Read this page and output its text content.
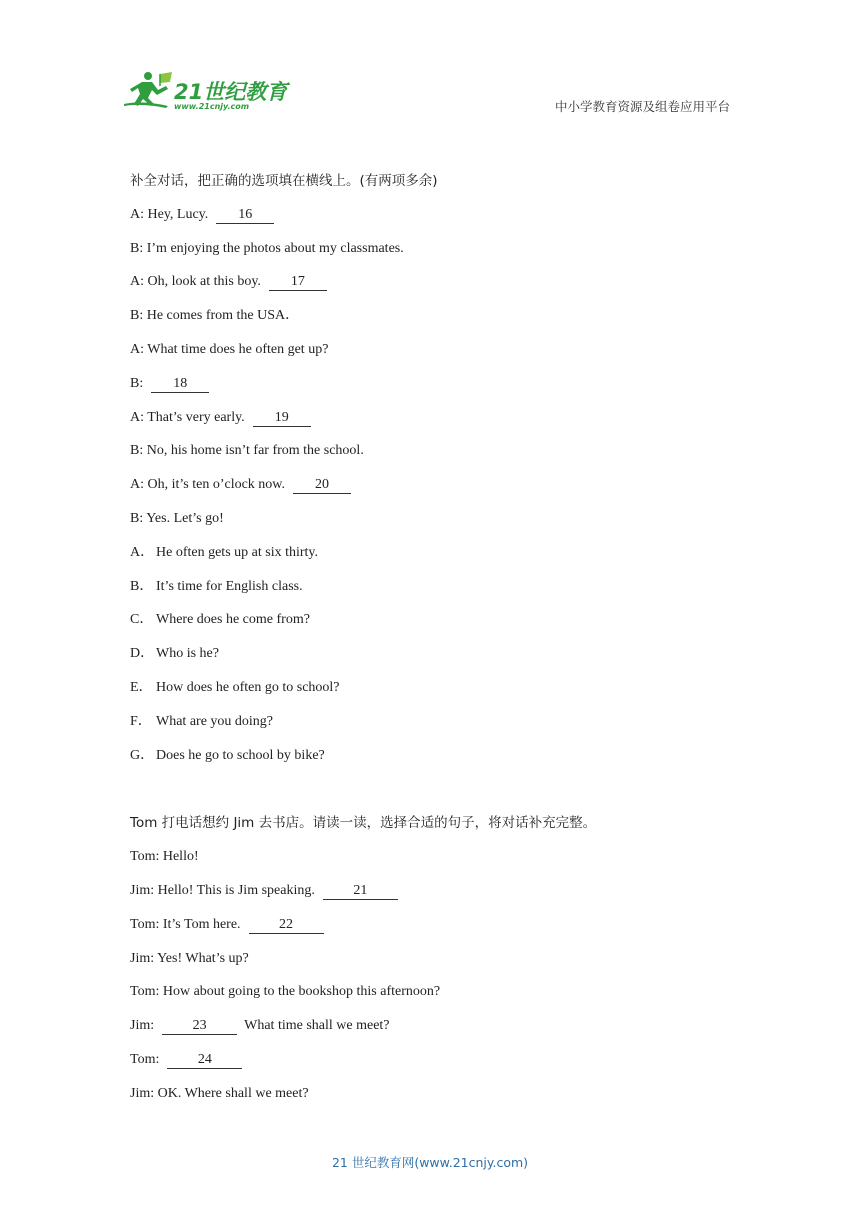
21世纪教育
www.21cnjy.com	中小学教育资源及组卷应用平台
补全对话，把正确的选项填在横线上。(有两项多余)
A: Hey, Lucy. 16
B: I’m enjoying the photos about my classmates.
A: Oh, look at this boy. 17
B: He comes from the USA．
A: What time does he often get up?
B: 18
A: That’s very early. 19
B: No, his home isn’t far from the school.
A: Oh, it’s ten o’clock now. 20
B: Yes. Let’s go!
A． He often gets up at six thirty.
B． It’s time for English class.
C． Where does he come from?
D． Who is he?
E． How does he often go to school?
F． What are you doing?
G． Does he go to school by bike?
Tom 打电话想约 Jim 去书店。请读一读，选择合适的句子，将对话补充完整。
Tom: Hello!
Jim: Hello! This is Jim speaking.	21
Tom: It’s Tom here.	22
Jim: Yes! What’s up?
Tom: How about going to the bookshop this afternoon?
Jim:	23	What time shall we meet?
Tom:	24
Jim: OK. Where shall we meet?
21 世纪教育网(www.21cnjy.com)
